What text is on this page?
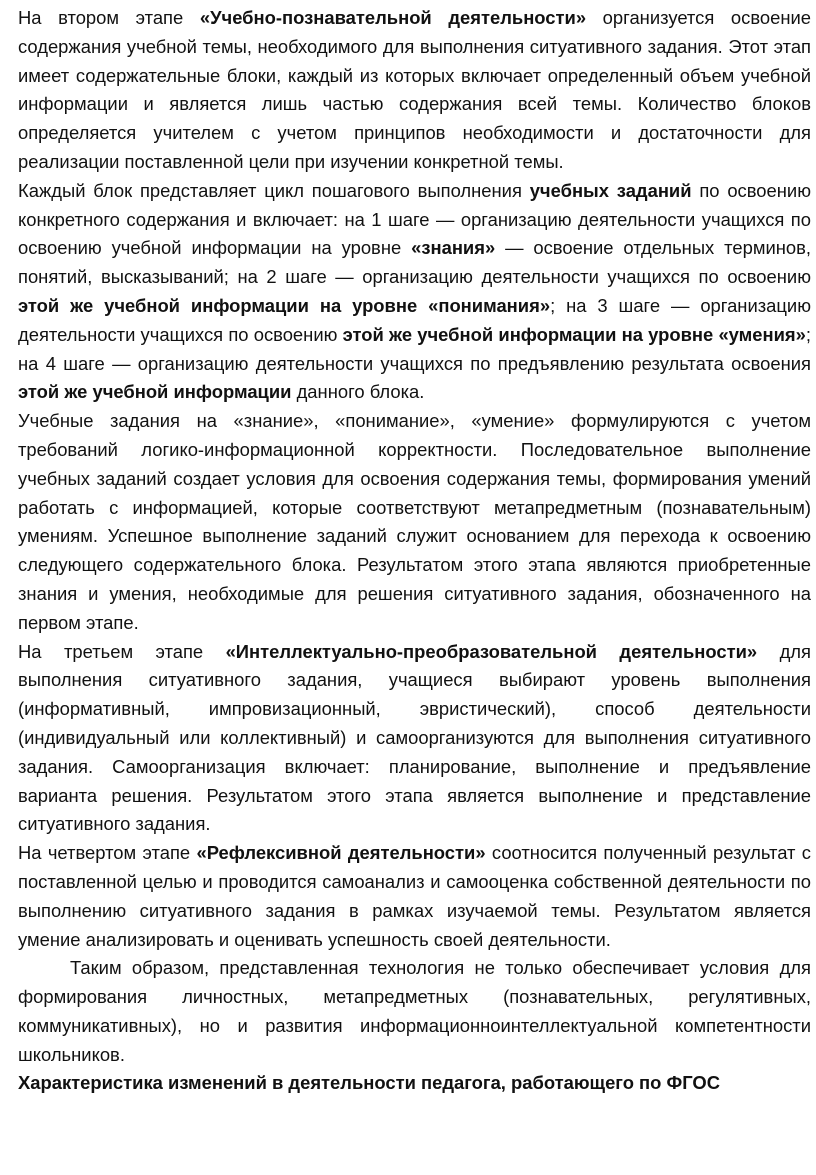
На втором этапе «Учебно-познавательной деятельности» организуется освоение содержания учебной темы, необходимого для выполнения ситуативного задания. Этот этап имеет содержательные блоки, каждый из которых включает определенный объем учебной информации и является лишь частью содержания всей темы. Количество блоков определяется учителем с учетом принципов необходимости и достаточности для реализации поставленной цели при изучении конкретной темы.

Каждый блок представляет цикл пошагового выполнения учебных заданий по освоению конкретного содержания и включает: на 1 шаге — организацию деятельности учащихся по освоению учебной информации на уровне «знания» — освоение отдельных терминов, понятий, высказываний; на 2 шаге — организацию деятельности учащихся по освоению этой же учебной информации на уровне «понимания»; на 3 шаге — организацию деятельности учащихся по освоению этой же учебной информации на уровне «умения»; на 4 шаге — организацию деятельности учащихся по предъявлению результата освоения этой же учебной информации данного блока.

Учебные задания на «знание», «понимание», «умение» формулируются с учетом требований логико-информационной корректности. Последовательное выполнение учебных заданий создает условия для освоения содержания темы, формирования умений работать с информацией, которые соответствуют метапредметным (познавательным) умениям. Успешное выполнение заданий служит основанием для перехода к освоению следующего содержательного блока. Результатом этого этапа являются приобретенные знания и умения, необходимые для решения ситуативного задания, обозначенного на первом этапе.

На третьем этапе «Интеллектуально-преобразовательной деятельности» для выполнения ситуативного задания, учащиеся выбирают уровень выполнения (информативный, импровизационный, эвристический), способ деятельности (индивидуальный или коллективный) и самоорганизуются для выполнения ситуативного задания. Самоорганизация включает: планирование, выполнение и предъявление варианта решения. Результатом этого этапа является выполнение и представление ситуативного задания.

На четвертом этапе «Рефлексивной деятельности» соотносится полученный результат с поставленной целью и проводится самоанализ и самооценка собственной деятельности по выполнению ситуативного задания в рамках изучаемой темы. Результатом является умение анализировать и оценивать успешность своей деятельности.

Таким образом, представленная технология не только обеспечивает условия для формирования личностных, метапредметных (познавательных, регулятивных, коммуникативных), но и развития информационноинтеллектуальной компетентности школьников.

Характеристика изменений в деятельности педагога, работающего по ФГОС
